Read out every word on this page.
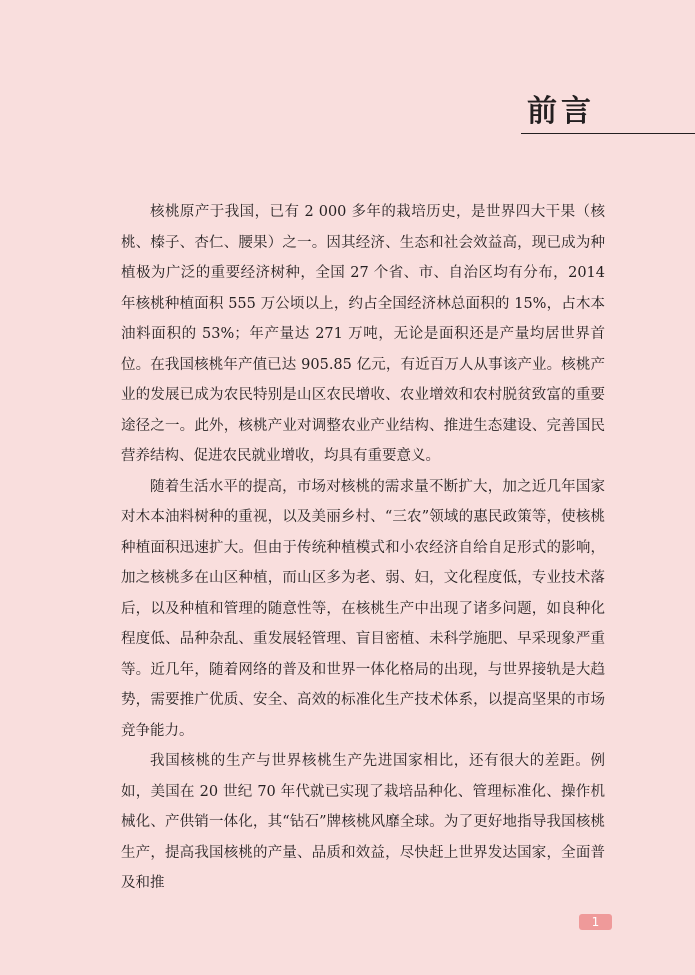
前言

核桃原产于我国，已有 2 000 多年的栽培历史，是世界四大干果（核桃、榛子、杏仁、腰果）之一。因其经济、生态和社会效益高，现已成为种植极为广泛的重要经济树种，全国 27 个省、市、自治区均有分布，2014 年核桃种植面积 555 万公顷以上，约占全国经济林总面积的 15%，占木本油料面积的 53%；年产量达 271 万吨，无论是面积还是产量均居世界首位。在我国核桃年产值已达 905.85 亿元，有近百万人从事该产业。核桃产业的发展已成为农民特别是山区农民增收、农业增效和农村脱贫致富的重要途径之一。此外，核桃产业对调整农业产业结构、推进生态建设、完善国民营养结构、促进农民就业增收，均具有重要意义。

随着生活水平的提高，市场对核桃的需求量不断扩大，加之近几年国家对木本油料树种的重视，以及美丽乡村、“三农”领域的惠民政策等，使核桃种植面积迅速扩大。但由于传统种植模式和小农经济自给自足形式的影响，加之核桃多在山区种植，而山区多为老、弱、妇，文化程度低，专业技术落后，以及种植和管理的随意性等，在核桃生产中出现了诸多问题，如良种化程度低、品种杂乱、重发展轻管理、盲目密植、未科学施肥、早采现象严重等。近几年，随着网络的普及和世界一体化格局的出现，与世界接轨是大趋势，需要推广优质、安全、高效的标准化生产技术体系，以提高坚果的市场竞争能力。

我国核桃的生产与世界核桃生产先进国家相比，还有很大的差距。例如，美国在 20 世纪 70 年代就已实现了栽培品种化、管理标准化、操作机械化、产供销一体化，其“钻石”牌核桃风靡全球。为了更好地指导我国核桃生产，提高我国核桃的产量、品质和效益，尽快赶上世界发达国家，全面普及和推

1
